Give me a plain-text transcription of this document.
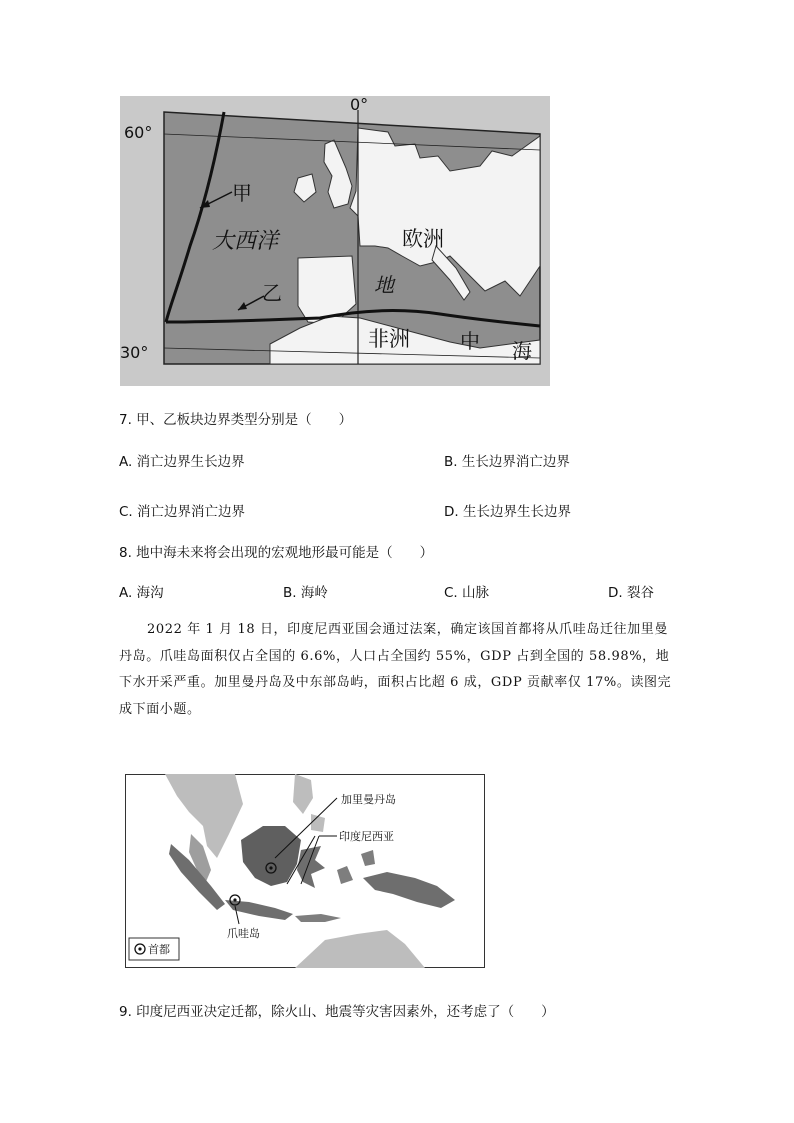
0°
60°
30°
甲
乙
大西洋	欧洲
非洲
地
中 海
7. 甲、乙板块边界类型分别是（　　）
A. 消亡边界生长边界	B. 生长边界消亡边界
C. 消亡边界消亡边界	D. 生长边界生长边界
8. 地中海未来将会出现的宏观地形最可能是（　　）
A. 海沟	B. 海岭	C. 山脉	D. 裂谷
2022 年 1 月 18 日，印度尼西亚国会通过法案，确定该国首都将从爪哇岛迁往加里曼丹岛。爪哇岛面积仅占全国的 6.6%，人口占全国约 55%，GDP 占到全国的 58.98%，地下水开采严重。加里曼丹岛及中东部岛屿，面积占比超 6 成，GDP 贡献率仅 17%。读图完成下面小题。
加里曼丹岛
印度尼西亚
爪哇岛
首都
9. 印度尼西亚决定迁都，除火山、地震等灾害因素外，还考虑了（　　）
